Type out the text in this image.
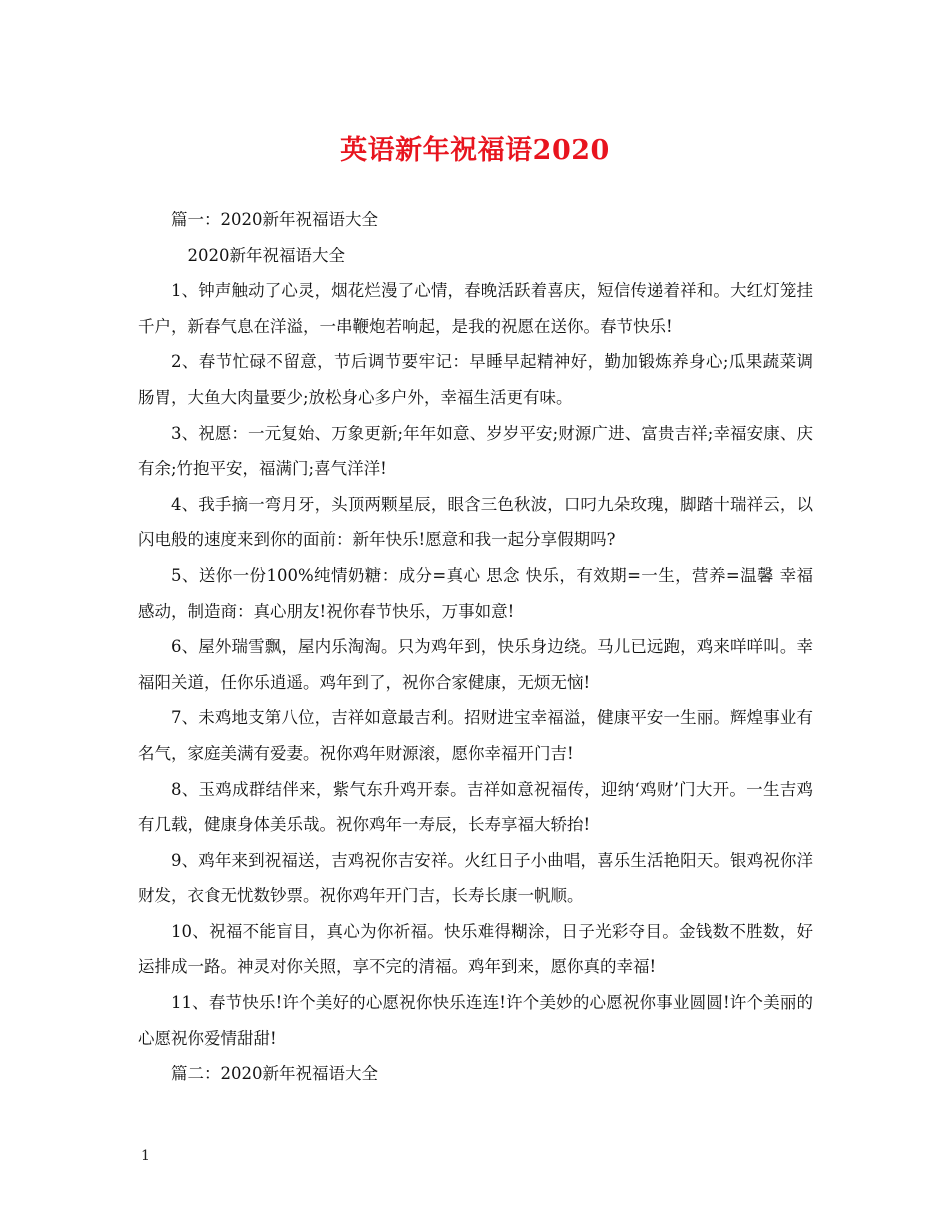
英语新年祝福语2020

篇一：2020新年祝福语大全

2020新年祝福语大全

1、钟声触动了心灵，烟花烂漫了心情，春晚活跃着喜庆，短信传递着祥和。大红灯笼挂千户，新春气息在洋溢，一串鞭炮若响起，是我的祝愿在送你。春节快乐!

2、春节忙碌不留意，节后调节要牢记：早睡早起精神好，勤加锻炼养身心;瓜果蔬菜调肠胃，大鱼大肉量要少;放松身心多户外，幸福生活更有味。

3、祝愿：一元复始、万象更新;年年如意、岁岁平安;财源广进、富贵吉祥;幸福安康、庆有余;竹抱平安，福满门;喜气洋洋!

4、我手摘一弯月牙，头顶两颗星辰，眼含三色秋波，口叼九朵玫瑰，脚踏十瑞祥云，以闪电般的速度来到你的面前：新年快乐!愿意和我一起分享假期吗?

5、送你一份100%纯情奶糖：成分=真心 思念 快乐，有效期=一生，营养=温馨 幸福 感动，制造商：真心朋友!祝你春节快乐，万事如意!

6、屋外瑞雪飘，屋内乐淘淘。只为鸡年到，快乐身边绕。马儿已远跑，鸡来咩咩叫。幸福阳关道，任你乐逍遥。鸡年到了，祝你合家健康，无烦无恼!

7、未鸡地支第八位，吉祥如意最吉利。招财进宝幸福溢，健康平安一生丽。辉煌事业有名气，家庭美满有爱妻。祝你鸡年财源滚，愿你幸福开门吉!

8、玉鸡成群结伴来，紫气东升鸡开泰。吉祥如意祝福传，迎纳‘鸡财’门大开。一生吉鸡有几载，健康身体美乐哉。祝你鸡年一寿辰，长寿享福大轿抬!

9、鸡年来到祝福送，吉鸡祝你吉安祥。火红日子小曲唱，喜乐生活艳阳天。银鸡祝你洋财发，衣食无忧数钞票。祝你鸡年开门吉，长寿长康一帆顺。

10、祝福不能盲目，真心为你祈福。快乐难得糊涂，日子光彩夺目。金钱数不胜数，好运排成一路。神灵对你关照，享不完的清福。鸡年到来，愿你真的幸福!

11、春节快乐!许个美好的心愿祝你快乐连连!许个美妙的心愿祝你事业圆圆!许个美丽的心愿祝你爱情甜甜!

篇二：2020新年祝福语大全

1
